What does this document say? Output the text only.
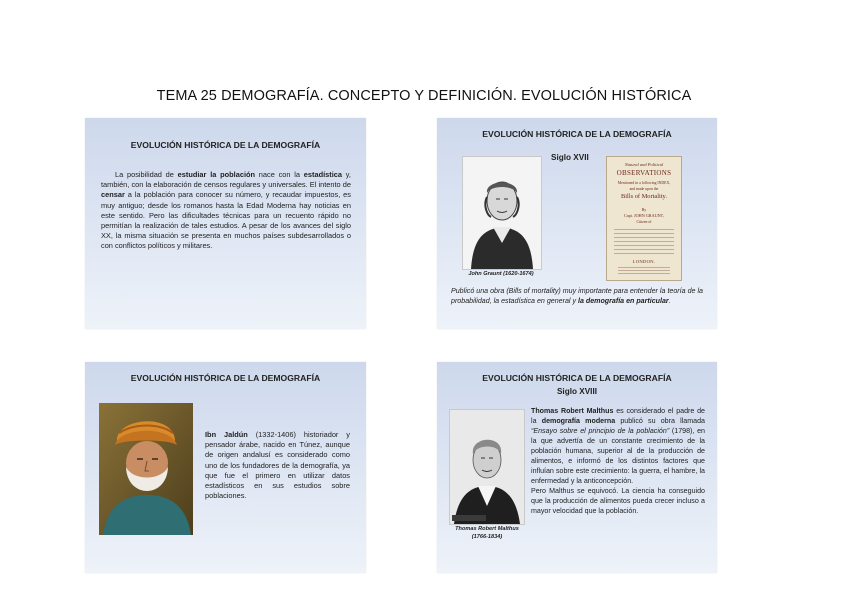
TEMA 25 DEMOGRAFÍA. CONCEPTO Y DEFINICIÓN. EVOLUCIÓN HISTÓRICA
EVOLUCIÓN HISTÓRICA DE LA DEMOGRAFÍA
La posibilidad de estudiar la población nace con la estadística y, también, con la elaboración de censos regulares y universales. El intento de censar a la población para conocer su número, y recaudar impuestos, es muy antiguo; desde los romanos hasta la Edad Moderna hay noticias en este sentido. Pero las dificultades técnicas para un recuento rápido no permitían la realización de tales estudios. A pesar de los avances del siglo XX, la misma situación se presenta en muchos países subdesarrollados o con conflictos políticos y militares.
EVOLUCIÓN HISTÓRICA DE LA DEMOGRAFÍA
Siglo XVII
John Graunt (1620-1674)
Natural and Political
OBSERVATIONS
Mentioned in a following INDEX,
and made upon the
Bills of Mortality.
By
Capt. JOHN GRAUNT,
Citizen of
LONDON.
Publicó una obra (Bills of mortality) muy importante para entender la teoría de la probabilidad, la estadística en general y la demografía en particular.
EVOLUCIÓN HISTÓRICA DE LA DEMOGRAFÍA
Ibn Jaldún (1332-1406) historiador y pensador árabe, nacido en Túnez, aunque de origen andalusí es considerado como uno de los fundadores de la demografía, ya que fue el primero en utilizar datos estadísticos en sus estudios sobre poblaciones.
EVOLUCIÓN HISTÓRICA DE LA DEMOGRAFÍA
Siglo XVIII
Thomas Robert Malthus
(1766-1834)
Thomas Robert Malthus es considerado el padre de la demografía moderna publicó su obra llamada “Ensayo sobre el principio de la población” (1798), en la que advertía de un constante crecimiento de la población humana, superior al de la producción de alimentos, e informó de los distintos factores que influían sobre este crecimiento: la guerra, el hambre, la enfermedad y la anticoncepción.
Pero Malthus se equivocó. La ciencia ha conseguido que la producción de alimentos pueda crecer incluso a mayor velocidad que la población.
